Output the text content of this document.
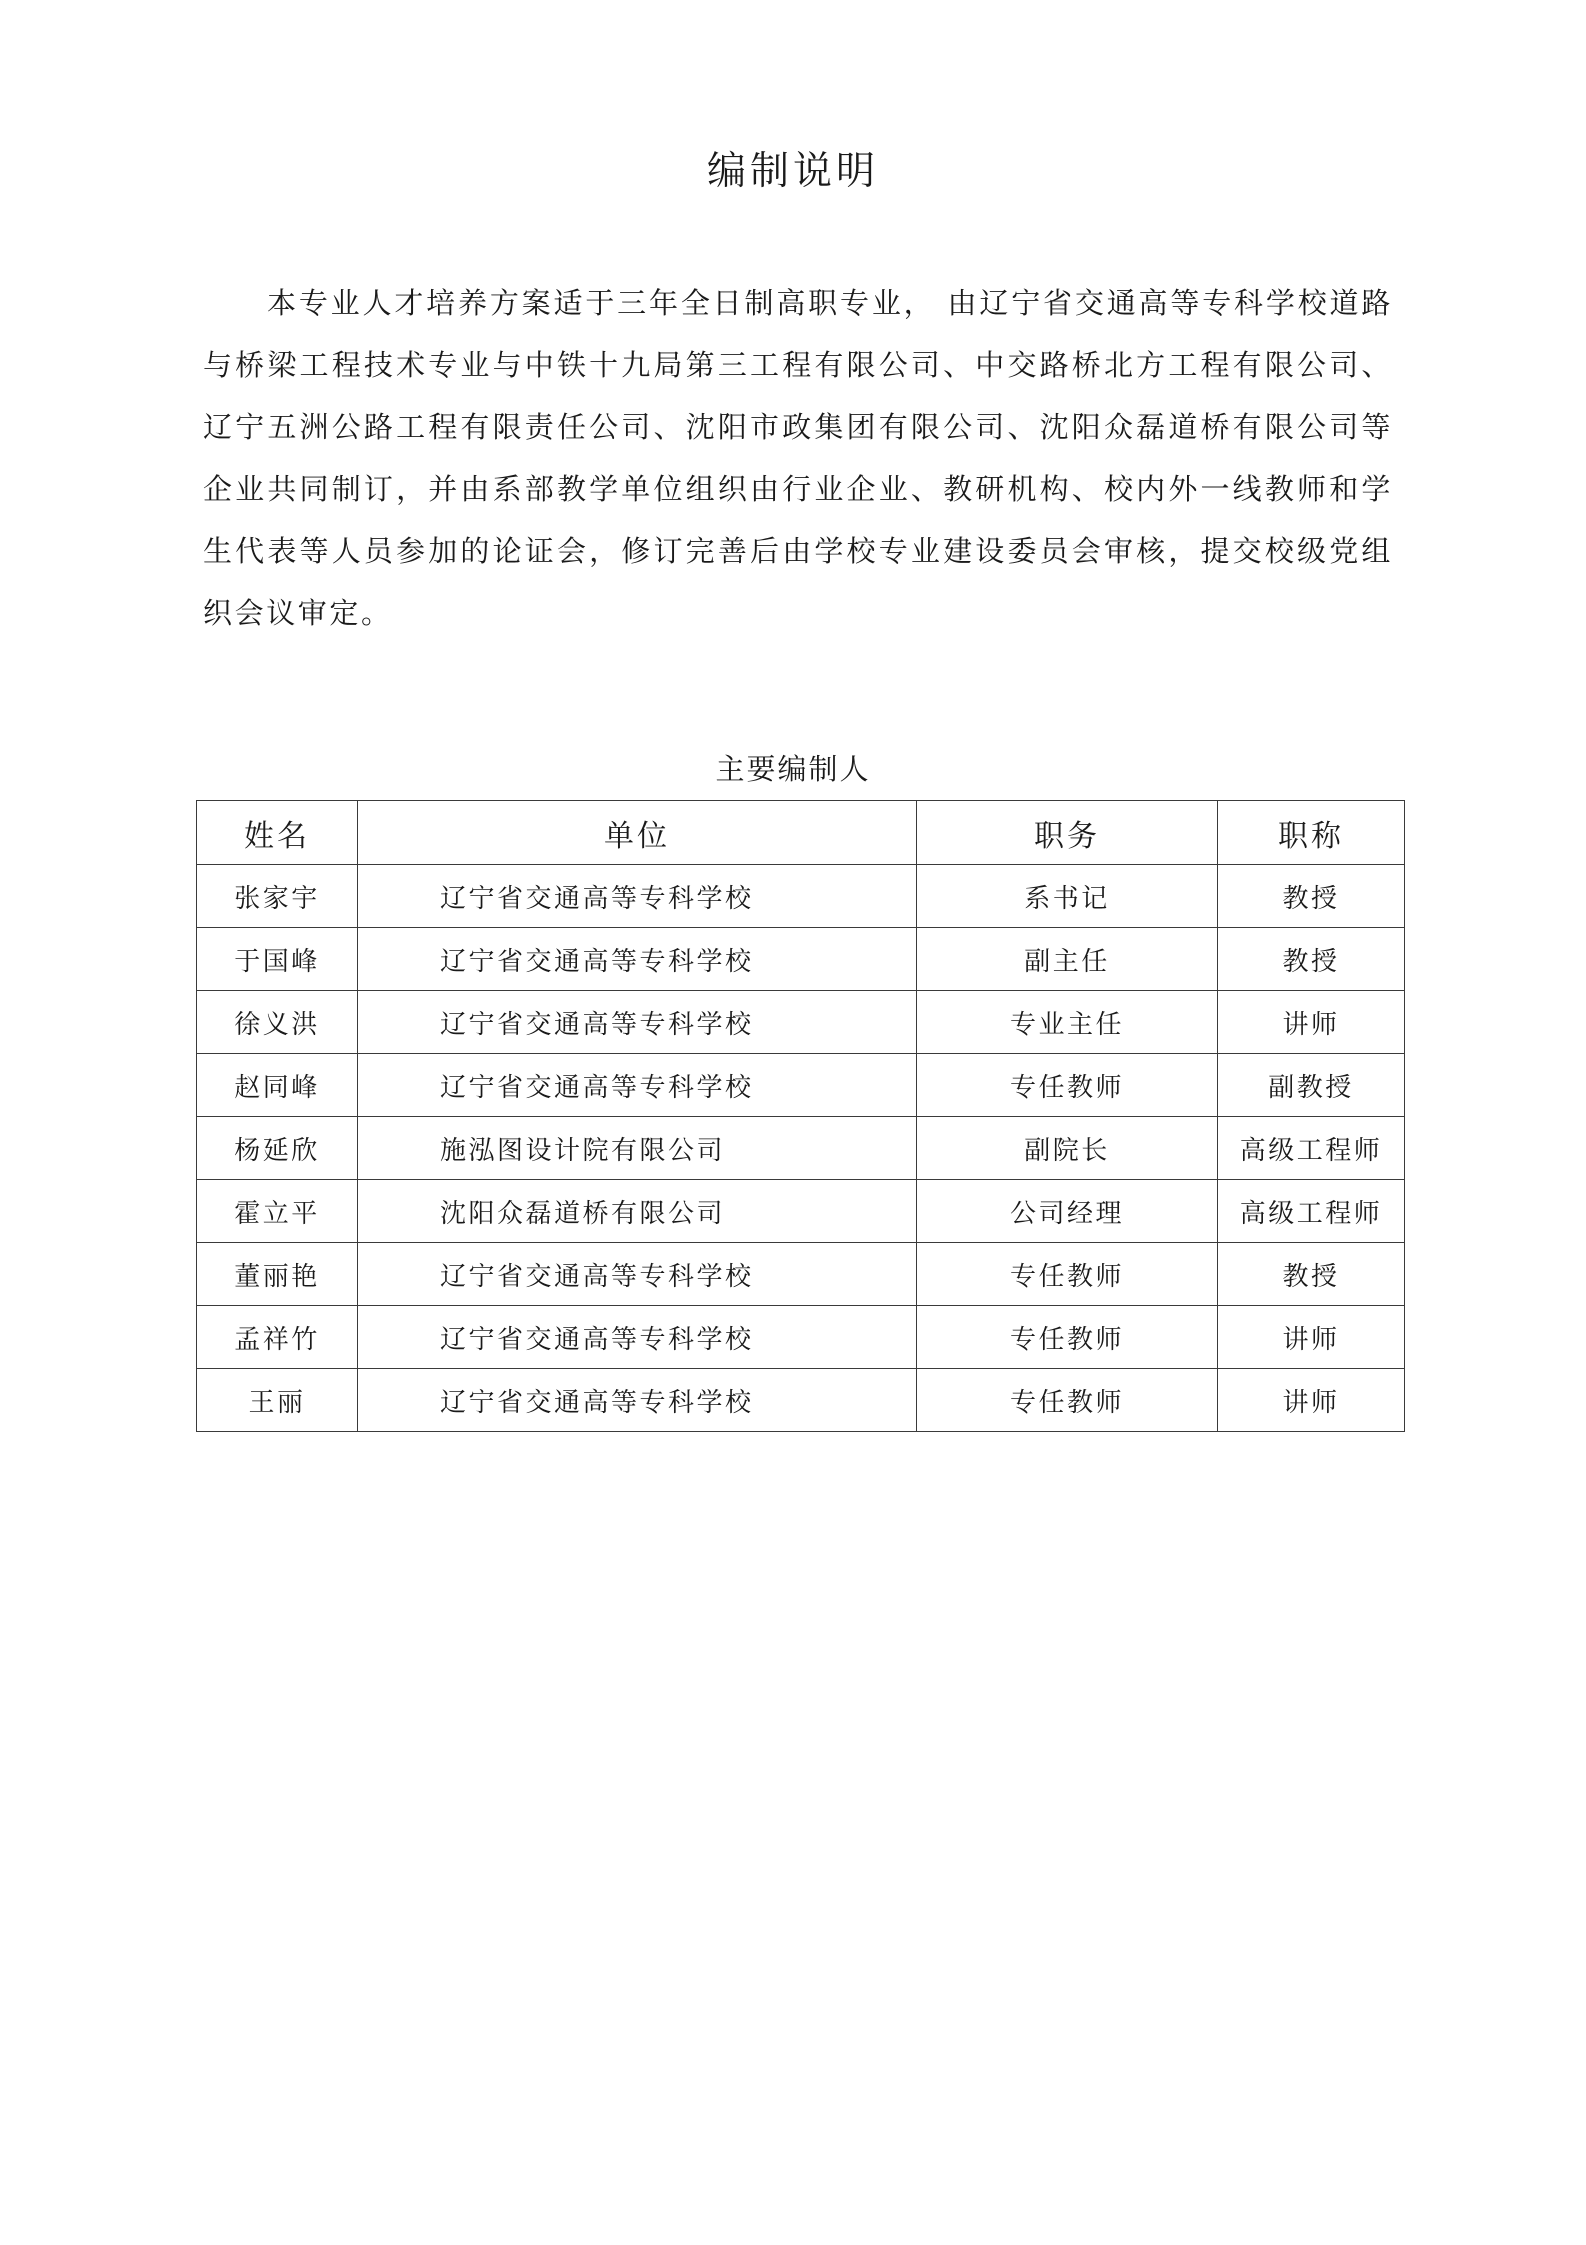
编制说明

本专业人才培养方案适于三年全日制高职专业， 由辽宁省交通高等专科学校道路与桥梁工程技术专业与中铁十九局第三工程有限公司、中交路桥北方工程有限公司、辽宁五洲公路工程有限责任公司、沈阳市政集团有限公司、沈阳众磊道桥有限公司等企业共同制订，并由系部教学单位组织由行业企业、教研机构、校内外一线教师和学生代表等人员参加的论证会，修订完善后由学校专业建设委员会审核，提交校级党组织会议审定。

主要编制人

姓名	单位	职务	职称
张家宇	辽宁省交通高等专科学校	系书记	教授
于国峰	辽宁省交通高等专科学校	副主任	教授
徐义洪	辽宁省交通高等专科学校	专业主任	讲师
赵同峰	辽宁省交通高等专科学校	专任教师	副教授
杨延欣	施泓图设计院有限公司	副院长	高级工程师
霍立平	沈阳众磊道桥有限公司	公司经理	高级工程师
董丽艳	辽宁省交通高等专科学校	专任教师	教授
孟祥竹	辽宁省交通高等专科学校	专任教师	讲师
王丽	辽宁省交通高等专科学校	专任教师	讲师
